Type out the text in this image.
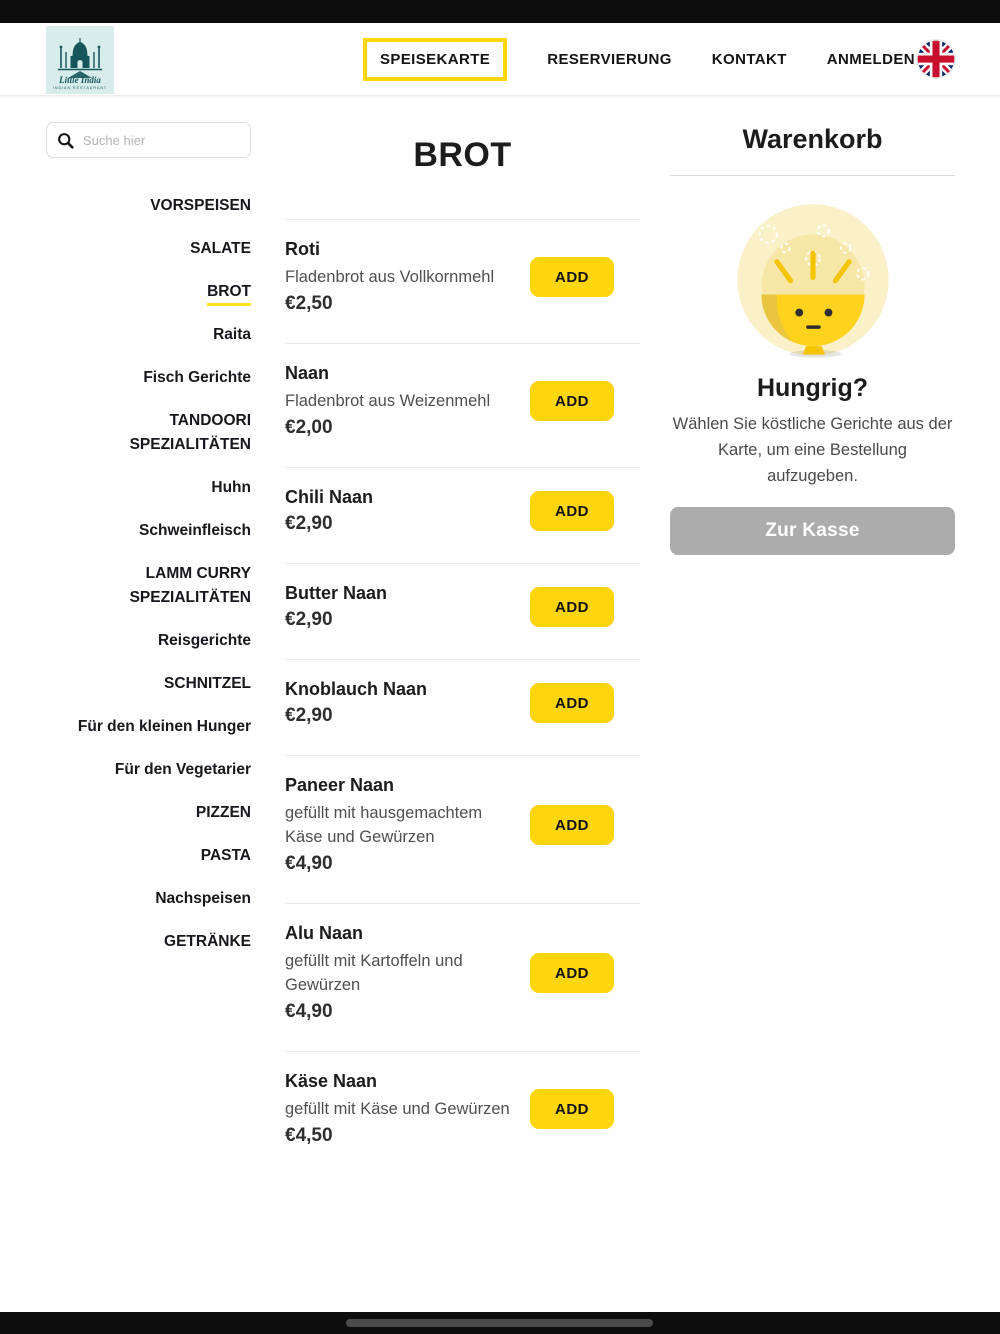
Little India
INDIAN RESTAURANT
SPEISEKARTE	RESERVIERUNG	KONTAKT	ANMELDEN
Suche hier
VORSPEISEN
SALATE
BROT
Raita
Fisch Gerichte
TANDOORI SPEZIALITÄTEN
Huhn
Schweinfleisch
LAMM CURRY SPEZIALITÄTEN
Reisgerichte
SCHNITZEL
Für den kleinen Hunger
Für den Vegetarier
PIZZEN
PASTA
Nachspeisen
GETRÄNKE
BROT
Roti
Fladenbrot aus Vollkornmehl
€2,50
ADD
Naan
Fladenbrot aus Weizenmehl
€2,00
ADD
Chili Naan
€2,90
ADD
Butter Naan
€2,90
ADD
Knoblauch Naan
€2,90
ADD
Paneer Naan
gefüllt mit hausgemachtem Käse und Gewürzen
€4,90
ADD
Alu Naan
gefüllt mit Kartoffeln und Gewürzen
€4,90
ADD
Käse Naan
gefüllt mit Käse und Gewürzen
€4,50
ADD
Warenkorb
Hungrig?

Wählen Sie köstliche Gerichte aus der Karte, um eine Bestellung aufzugeben.

Zur Kasse
